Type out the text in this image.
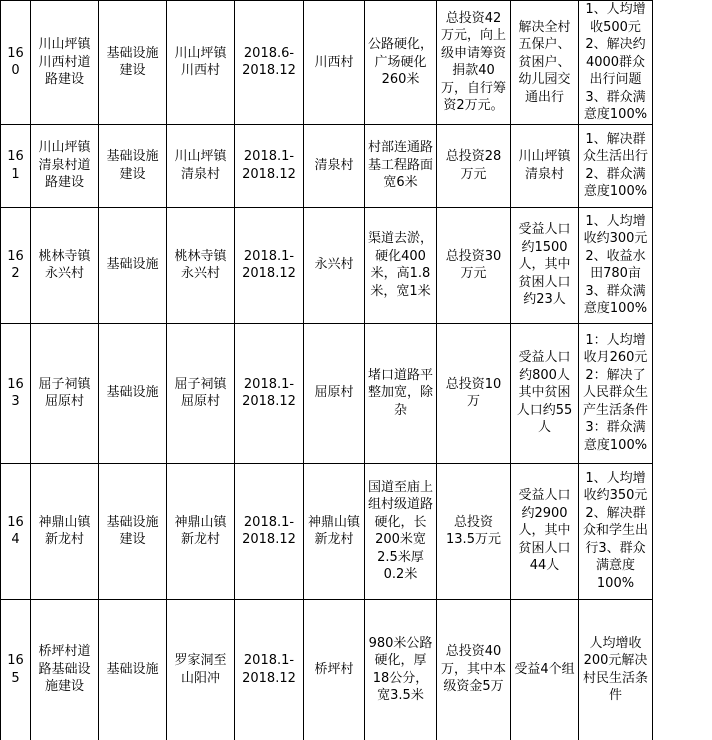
160	川山坪镇川西村道路建设	基础设施建设	川山坪镇川西村	2018.6-2018.12	川西村	公路硬化，广场硬化260米	总投资42万元，向上级申请筹资捐款40万，自行筹资2万元。	解决全村五保户、贫困户、幼儿园交通出行	1、人均增收500元2、解决约4000群众出行问题3、群众满意度100%
161	川山坪镇清泉村道路建设	基础设施建设	川山坪镇清泉村	2018.1-2018.12	清泉村	村部连通路基工程路面宽6米	总投资28万元	川山坪镇清泉村	1、解决群众生活出行2、群众满意度100%
162	桃林寺镇永兴村	基础设施	桃林寺镇永兴村	2018.1-2018.12	永兴村	渠道去淤，硬化400米，高1.8米，宽1米	总投资30万元	受益人口约1500人，其中贫困人口约23人	1、人均增收约300元2、收益水田780亩3、群众满意度100%
163	屈子祠镇屈原村	基础设施	屈子祠镇屈原村	2018.1-2018.12	屈原村	堵口道路平整加宽，除杂	总投资10万	受益人口约800人其中贫困人口约55人	1：人均增收月260元2：解决了人民群众生产生活条件3：群众满意度100%
164	神鼎山镇新龙村	基础设施建设	神鼎山镇新龙村	2018.1-2018.12	神鼎山镇新龙村	国道至庙上组村级道路硬化，长200米宽2.5米厚0.2米	总投资13.5万元	受益人口约2900人，其中贫困人口44人	1、人均增收约350元2、解决群众和学生出行3、群众满意度100%
165	桥坪村道路基础设施建设	基础设施	罗家洞至山阳冲	2018.1-2018.12	桥坪村	980米公路硬化，厚18公分，宽3.5米	总投资40万，其中本级资金5万	受益4个组	人均增收200元解决村民生活条件
